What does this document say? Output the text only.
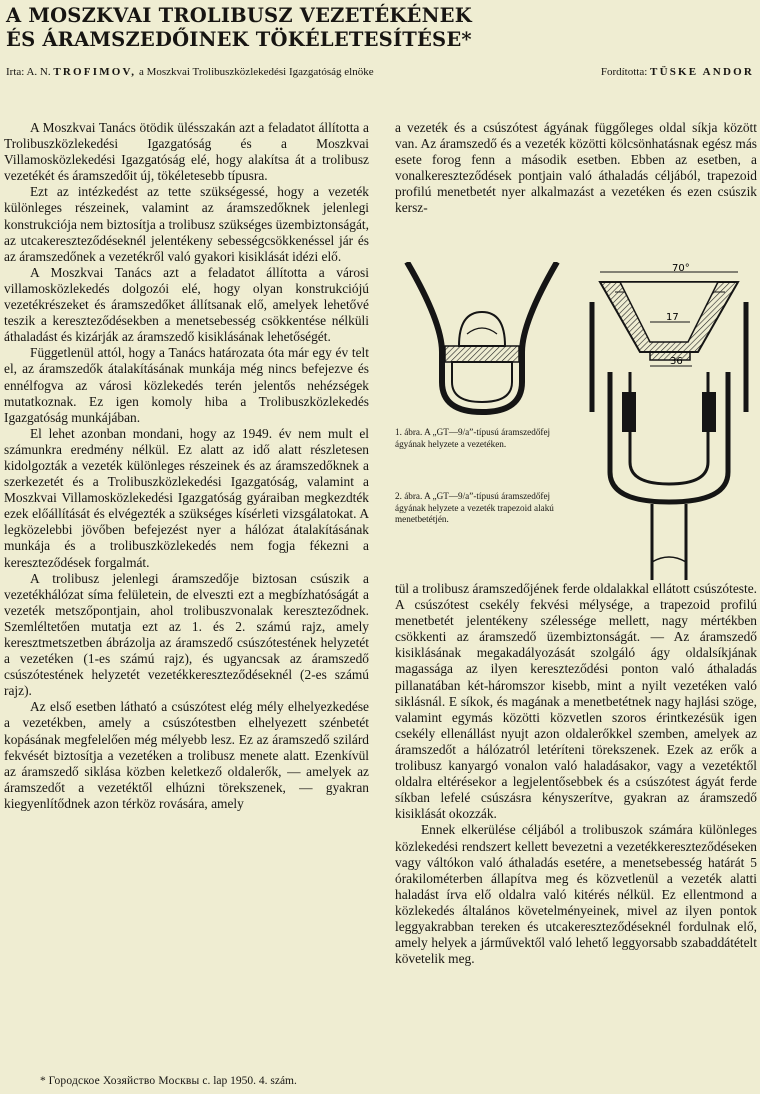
A MOSZKVAI TROLIBUSZ VEZETÉKÉNEK
ÉS ÁRAMSZEDŐINEK TÖKÉLETESÍTÉSE*
Irta: A. N. TROFIMOV, a Moszkvai Trolibuszközlekedési Igazgatóság elnöke	Fordította: TÜSKE ANDOR

A Moszkvai Tanács ötödik ülésszakán azt a feladatot állította a Trolibuszközlekedési Igazgatóság és a Moszkvai Villamosközlekedési Igazgatóság elé, hogy alakítsa át a trolibusz vezetékét és áramszedőit új, tökéletesebb típusra.

Ezt az intézkedést az tette szükségessé, hogy a vezeték különleges részeinek, valamint az áramszedőknek jelenlegi konstrukciója nem biztosítja a trolibusz szükséges üzembiztonságát, az utcakereszteződéseknél jelentékeny sebességcsökkenéssel jár és az áramszedőnek a vezetékről való gyakori kisiklását idézi elő.

A Moszkvai Tanács azt a feladatot állította a városi villamosközlekedés dolgozói elé, hogy olyan konstrukciójú vezetékrészeket és áramszedőket állítsanak elő, amelyek lehetővé teszik a kereszteződésekben a menetsebesség csökkentése nélküli áthaladást és kizárják az áramszedő kisiklásának lehetőségét.

Függetlenül attól, hogy a Tanács határozata óta már egy év telt el, az áramszedők átalakításának munkája még nincs befejezve és ennélfogva az városi közlekedés terén jelentős nehézségek mutatkoznak. Ez igen komoly hiba a Trolibuszközlekedés Igazgatóság munkájában.

El lehet azonban mondani, hogy az 1949. év nem mult el számunkra eredmény nélkül. Ez alatt az idő alatt részletesen kidolgozták a vezeték különleges részeinek és az áramszedőknek a szerkezetét és a Trolibuszközlekedési Igazgatóság, valamint a Moszkvai Villamosközlekedési Igazgatóság gyáraiban megkezdték ezek előállítását és elvégezték a szükséges kísérleti vizsgálatokat. A legközelebbi jövőben befejezést nyer a hálózat átalakításának munkája és a trolibuszközlekedés nem fogja fékezni a kereszteződések forgalmát.

A trolibusz jelenlegi áramszedője biztosan csúszik a vezetékhálózat síma felületein, de elveszti ezt a megbízhatóságát a vezeték metszőpontjain, ahol trolibuszvonalak kereszteződnek. Szemléltetően mutatja ezt az 1. és 2. számú rajz, amely keresztmetszetben ábrázolja az áramszedő csúszótestének helyzetét a vezetéken (1-es számú rajz), és ugyancsak az áramszedő csúszótestének helyzetét vezetékkereszteződéseknél (2-es számú rajz).

Az első esetben látható a csúszótest elég mély elhelyezkedése a vezetékben, amely a csúszótestben elhelyezett szénbetét kopásának megfelelően még mélyebb lesz. Ez az áramszedő szilárd fekvését biztosítja a vezetéken a trolibusz menete alatt. Ezenkívül az áramszedő siklása közben keletkező oldalerők, — amelyek az áramszedőt a vezetéktől elhúzni törekszenek, — gyakran kiegyenlítődnek azon térköz rovására, amely

a vezeték és a csúszótest ágyának függőleges oldal síkja között van. Az áramszedő és a vezeték közötti kölcsönhatásnak egész más esete forog fenn a második esetben. Ebben az esetben, a vonalkereszteződések pontjain való áthaladás céljából, trapezoid profilú menetbetét nyer alkalmazást a vezetéken és ezen csúszik kersz-

1. ábra. A „GT—9/a”-típusú áramszedőfej ágyának helyzete a vezetéken.
70°
17
36
2. ábra. A „GT—9/a”-típusú áramszedőfej ágyának helyzete a vezeték trapezoid alakú menetbetétjén.

tül a trolibusz áramszedőjének ferde oldalakkal ellátott csúszóteste. A csúszótest csekély fekvési mélysége, a trapezoid profilú menetbetét jelentékeny szélessége mellett, nagy mértékben csökkenti az áramszedő üzembiztonságát. — Az áramszedő kisiklásának megakadályozását szolgáló ágy oldalsíkjának magassága az ilyen kereszteződési ponton való áthaladás pillanatában két-háromszor kisebb, mint a nyilt vezetéken való siklásnál. E síkok, és magának a menetbetétnek nagy hajlási szöge, valamint egymás közötti közvetlen szoros érintkezésük igen csekély ellenállást nyujt azon oldalerőkkel szemben, amelyek az áramszedőt a hálózatról letéríteni törekszenek. Ezek az erők a trolibusz kanyargó vonalon való haladásakor, vagy a vezetéktől oldalra eltérésekor a legjelentősebbek és a csúszótest ágyát ferde síkban lefelé csúszásra kényszerítve, gyakran az áramszedő kisiklását okozzák.

Ennek elkerülése céljából a trolibuszok számára különleges közlekedési rendszert kellett bevezetni a vezetékkereszteződéseken vagy váltókon való áthaladás esetére, a menetsebesség határát 5 órakilométerben állapítva meg és közvetlenül a vezeték alatti haladást írva elő oldalra való kitérés nélkül. Ez ellentmond a közlekedés általános követelményeinek, mivel az ilyen pontok leggyakrabban tereken és utcakereszteződéseknél fordulnak elő, amely helyek a járművektől való lehető leggyorsabb szabaddátételt követelik meg.

* Городское Хозяйство Москвы c. lap 1950. 4. szám.
